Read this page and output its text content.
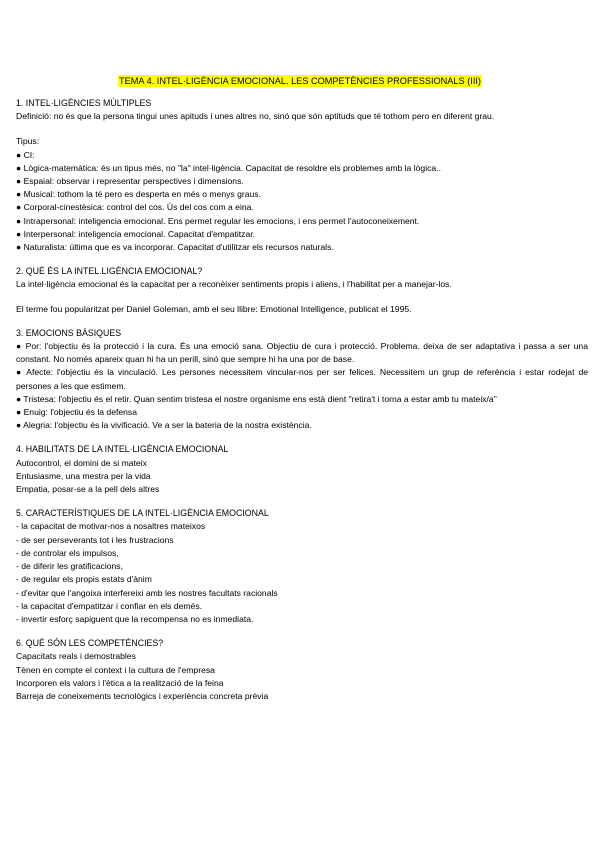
TEMA 4. INTEL·LIGÈNCIA EMOCIONAL. LES COMPETÈNCIES PROFESSIONALS (III)
1. INTEL·LIGÈNCIES MÚLTIPLES
Definició: no és que la persona tingui unes apituds i unes altres no, sinó que són aptituds que té tothom pero en diferent grau.
Tipus:
● CI:
● Lògica-matemàtica: és un tipus més, no "la" intel·ligència. Capacitat de resoldre els problemes amb la lògica..
● Espaial: observar i representar perspectives i dimensions.
● Musical: tothom la té pero es desperta en més o menys graus.
● Corporal-cinestèsica: control del cos. Ús del cos com a eina.
● Intrapersonal: inteligencia emocional. Ens permet regular les emocions, i ens permet l'autoconeixement.
● Interpersonal: inteligencia emocional. Capacitat d'empatitzar.
● Naturalista: última que es va incorporar. Capacitat d'utilitzar els recursos naturals.
2. QUÈ ÉS LA INTEL.LIGÈNCIA EMOCIONAL?
La intel·ligència emocional és la capacitat per a reconèixer sentiments propis i aliens, i l'habilitat per a manejar-los.
El terme fou popularitzat per Daniel Goleman, amb el seu llibre: Emotional Intelligence, publicat el 1995.
3. EMOCIONS BÀSIQUES
● Por: l'objectiu és la protecció i la cura. És una emoció sana. Objectiu de cura i protecció. Problema. deixa de ser adaptativa i passa a ser una constant. No només apareix quan hi ha un perill, sinó que sempre hi ha una por de base.
● Afecte: l'objectiu és la vinculació. Les persones necessitem vincular-nos per ser felices. Necessitem un grup de referència i estar rodejat de persones a les que estimem.
● Tristesa: l'objectiu és el retir. Quan sentim tristesa el nostre organisme ens està dient "retira't i torna a estar amb tu mateix/a"
● Enuig: l'objectiu és la defensa
● Alegria: l'objectiu és la vivificació. Ve a ser la bateria de la nostra existència.
4. HABILITATS DE LA INTEL·LIGÈNCIA EMOCIONAL
Autocontrol, el domini de si mateix
Entusiasme, una mestra per la vida
Empatia, posar-se a la pell dels altres
5. CARACTERÍSTIQUES DE LA INTEL·LIGÈNCIA EMOCIONAL
- la capacitat de motivar-nos a nosaltres mateixos
- de ser perseverants tot i les frustracions
- de controlar els impulsos,
- de diferir les gratificacions,
- de regular els propis estats d'ànim
- d'evitar que l'angoixa interfereixi amb les nostres facultats racionals
- la capacitat d'empatitzar i confiar en els demés.
- invertir esforç sapiguent que la recompensa no es inmediata.
6. QUÈ SÓN LES COMPETÈNCIES?
Capacitats reals i demostrables
Tènen en compte el context i la cultura de l'empresa
Incorporen els valors i l'ètica a la realització de la feina
Barreja de coneixements tecnològics i experiència concreta prèvia
